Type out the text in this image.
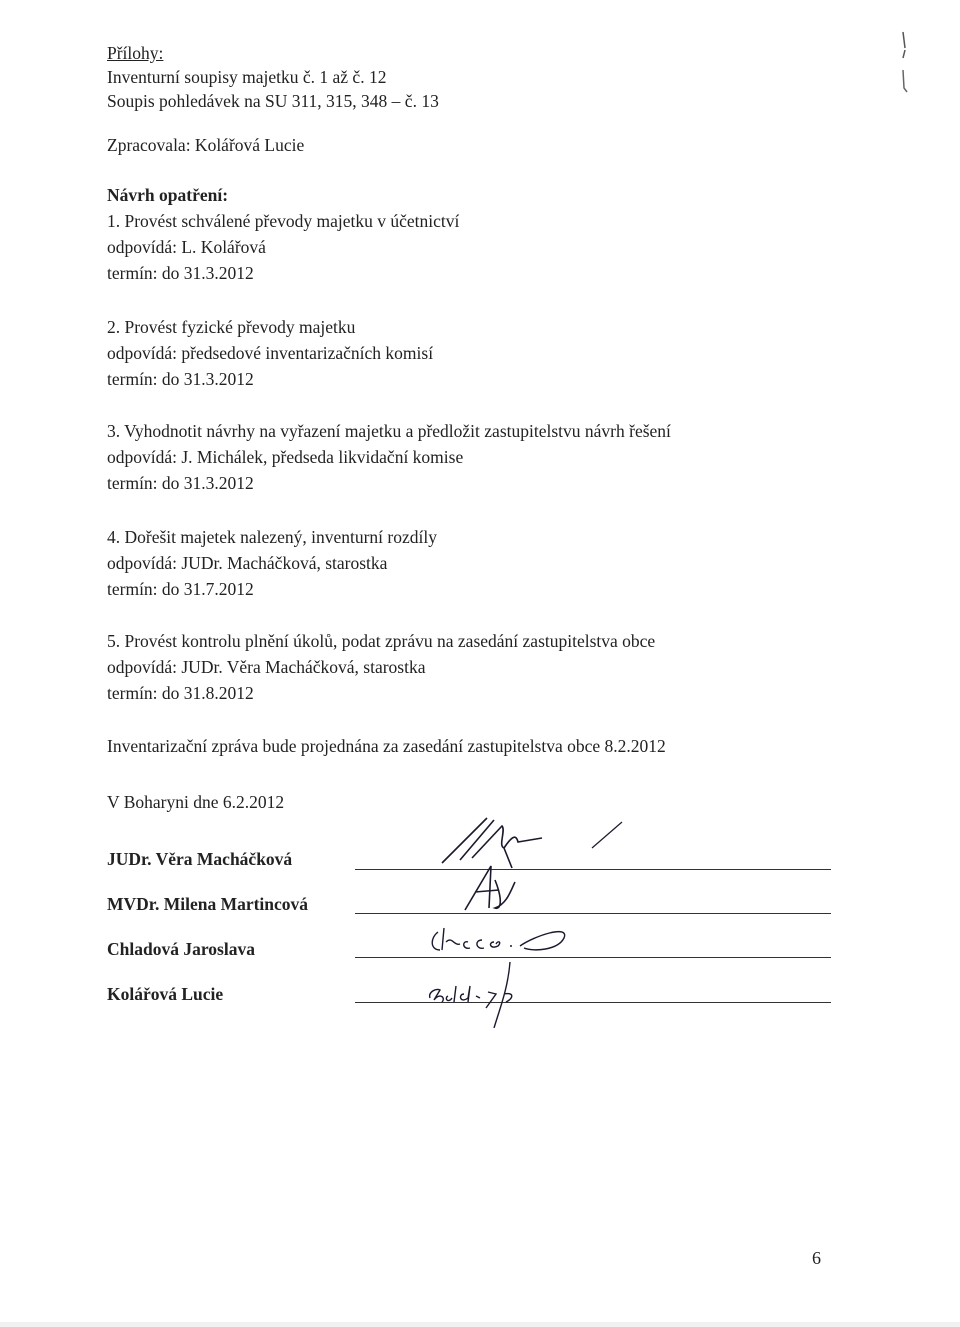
Přílohy:
Inventurní soupisy majetku č. 1 až č. 12
Soupis pohledávek na SU 311, 315, 348 – č. 13
Zpracovala: Kolářová Lucie
Návrh opatření:
1. Provést schválené převody majetku v účetnictví
odpovídá: L. Kolářová
termín: do 31.3.2012
2. Provést fyzické převody majetku
odpovídá: předsedové inventarizačních komisí
termín: do 31.3.2012
3. Vyhodnotit návrhy na vyřazení majetku a předložit zastupitelstvu návrh řešení
odpovídá: J. Michálek, předseda likvidační komise
termín: do 31.3.2012
4. Dořešit majetek nalezený, inventurní rozdíly
odpovídá: JUDr. Macháčková, starostka
termín: do 31.7.2012
5. Provést kontrolu plnění úkolů, podat zprávu na zasedání zastupitelstva obce
odpovídá: JUDr. Věra Macháčková, starostka
termín: do 31.8.2012
Inventarizační zpráva bude projednána za zasedání zastupitelstva obce 8.2.2012
V Boharyni dne 6.2.2012
JUDr. Věra Macháčková
MVDr. Milena Martincová
Chladová Jaroslava
Kolářová Lucie
6
